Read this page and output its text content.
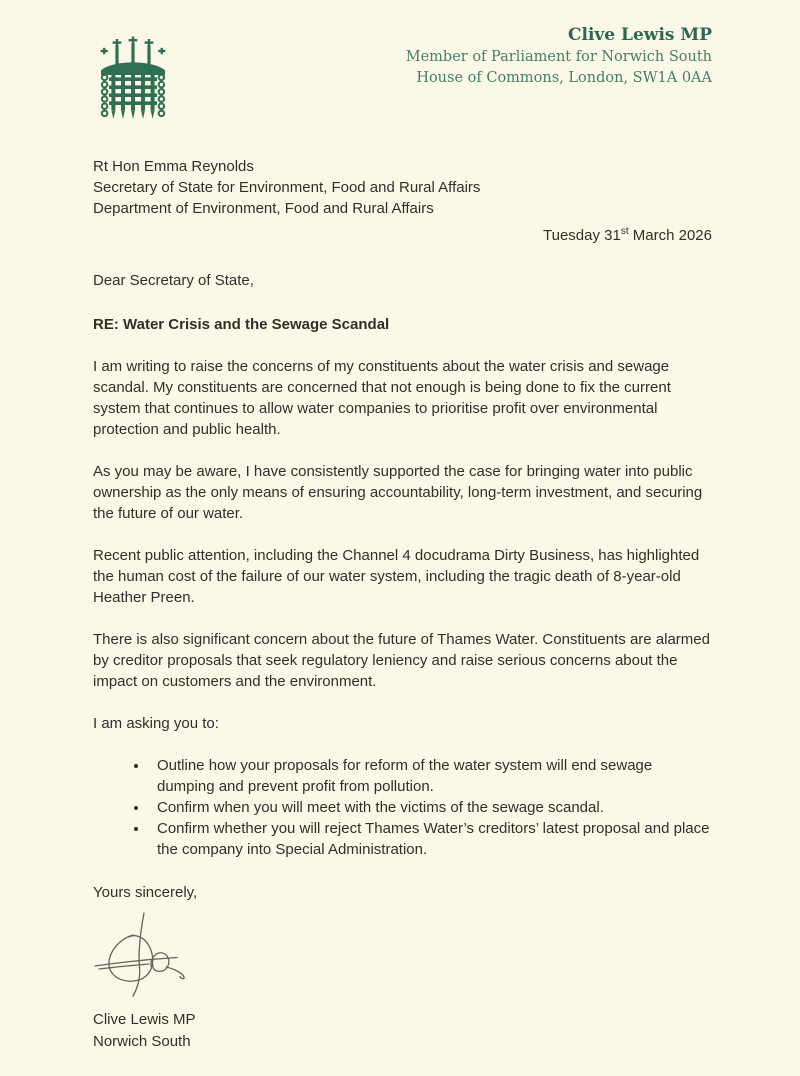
Clive Lewis MP
Member of Parliament for Norwich South
House of Commons, London, SW1A 0AA
Rt Hon Emma Reynolds
Secretary of State for Environment, Food and Rural Affairs
Department of Environment, Food and Rural Affairs
Tuesday 31st March 2026
Dear Secretary of State,
RE: Water Crisis and the Sewage Scandal

I am writing to raise the concerns of my constituents about the water crisis and sewage scandal. My constituents are concerned that not enough is being done to fix the current system that continues to allow water companies to prioritise profit over environmental protection and public health.

As you may be aware, I have consistently supported the case for bringing water into public ownership as the only means of ensuring accountability, long-term investment, and securing the future of our water.

Recent public attention, including the Channel 4 docudrama Dirty Business, has highlighted the human cost of the failure of our water system, including the tragic death of 8-year-old Heather Preen.

There is also significant concern about the future of Thames Water. Constituents are alarmed by creditor proposals that seek regulatory leniency and raise serious concerns about the impact on customers and the environment.

I am asking you to:
• Outline how your proposals for reform of the water system will end sewage dumping and prevent profit from pollution.
• Confirm when you will meet with the victims of the sewage scandal.
• Confirm whether you will reject Thames Water’s creditors’ latest proposal and place the company into Special Administration.
Yours sincerely,
Clive Lewis MP
Norwich South
